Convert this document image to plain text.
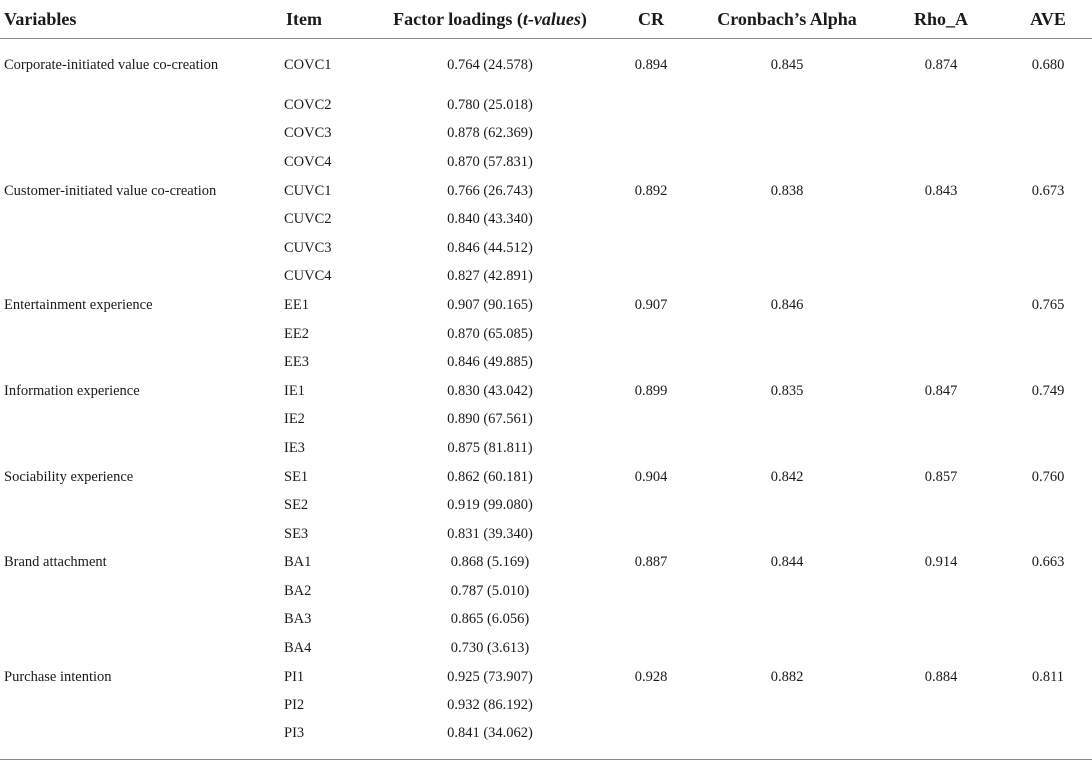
Variables	Item	Factor loadings (t-values)	CR	Cronbach’s Alpha	Rho_A	AVE
Corporate-initiated value co-creation	COVC1	0.764 (24.578)	0.894	0.845	0.874	0.680
	COVC2	0.780 (25.018)				
	COVC3	0.878 (62.369)				
	COVC4	0.870 (57.831)				
Customer-initiated value co-creation	CUVC1	0.766 (26.743)	0.892	0.838	0.843	0.673
	CUVC2	0.840 (43.340)				
	CUVC3	0.846 (44.512)				
	CUVC4	0.827 (42.891)				
Entertainment experience	EE1	0.907 (90.165)	0.907	0.846		0.765
	EE2	0.870 (65.085)				
	EE3	0.846 (49.885)				
Information experience	IE1	0.830 (43.042)	0.899	0.835	0.847	0.749
	IE2	0.890 (67.561)				
	IE3	0.875 (81.811)				
Sociability experience	SE1	0.862 (60.181)	0.904	0.842	0.857	0.760
	SE2	0.919 (99.080)				
	SE3	0.831 (39.340)				
Brand attachment	BA1	0.868 (5.169)	0.887	0.844	0.914	0.663
	BA2	0.787 (5.010)				
	BA3	0.865 (6.056)				
	BA4	0.730 (3.613)				
Purchase intention	PI1	0.925 (73.907)	0.928	0.882	0.884	0.811
	PI2	0.932 (86.192)				
	PI3	0.841 (34.062)				
